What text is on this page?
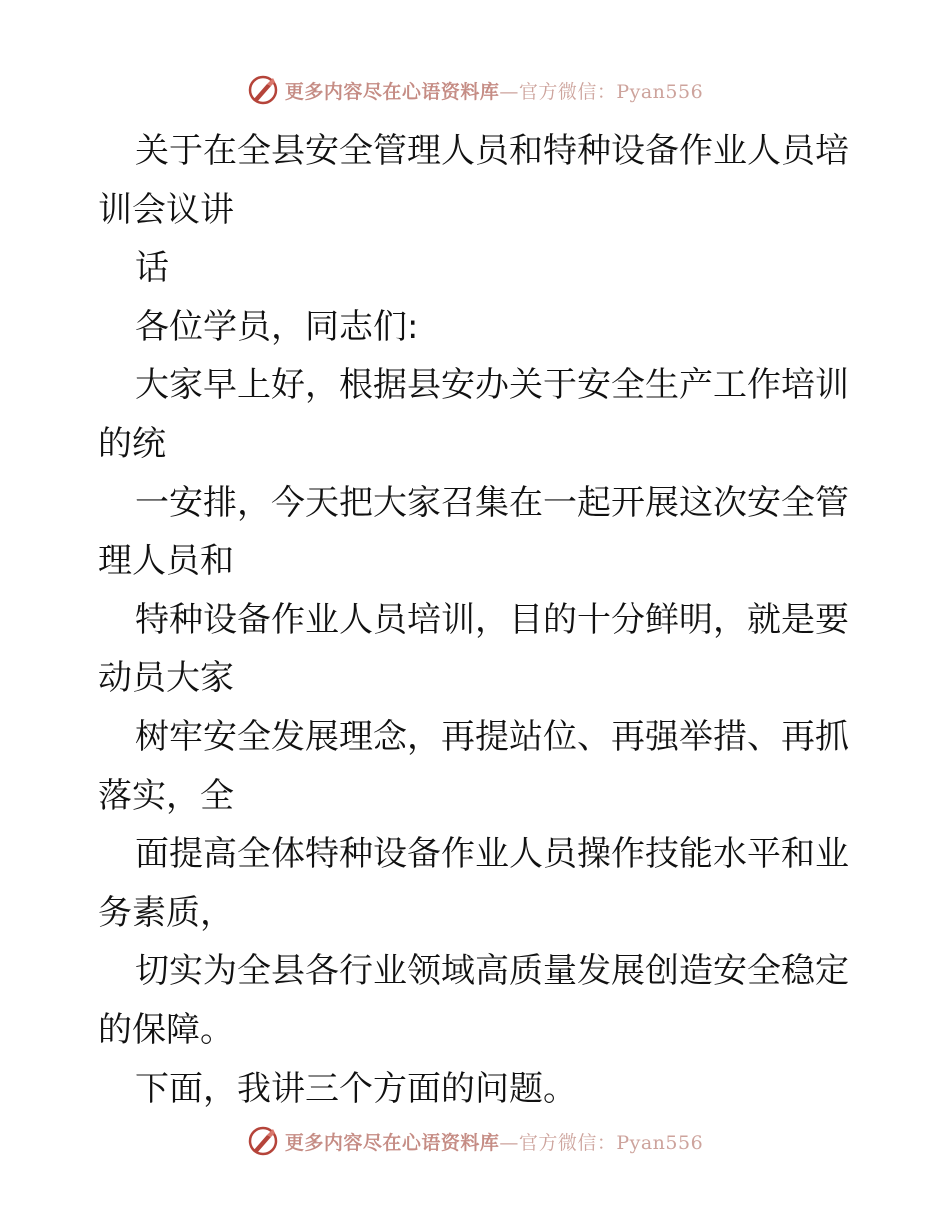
更多内容尽在心语资料库—官方微信：Pyan556
关于在全县安全管理人员和特种设备作业人员培
训会议讲
话
各位学员，同志们:
大家早上好，根据县安办关于安全生产工作培训
的统
一安排，今天把大家召集在一起开展这次安全管
理人员和
特种设备作业人员培训，目的十分鲜明，就是要
动员大家
树牢安全发展理念，再提站位、再强举措、再抓
落实，全
面提高全体特种设备作业人员操作技能水平和业
务素质，
切实为全县各行业领域高质量发展创造安全稳定
的保障。
下面，我讲三个方面的问题。
更多内容尽在心语资料库—官方微信：Pyan556
